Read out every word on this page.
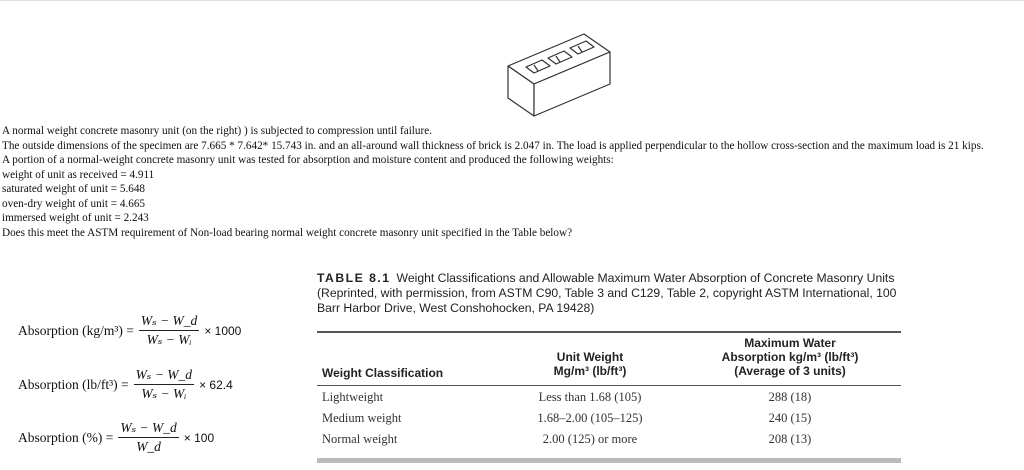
A normal weight concrete masonry unit (on the right) ) is subjected to compression until failure.

The outside dimensions of the specimen are 7.665 * 7.642* 15.743 in. and an all-around wall thickness of brick is 2.047 in. The load is applied perpendicular to the hollow cross-section and the maximum load is 21 kips.

A portion of a normal-weight concrete masonry unit was tested for absorption and moisture content and produced the following weights:

weight of unit as received = 4.911

saturated weight of unit = 5.648

oven-dry weight of unit = 4.665

immersed weight of unit = 2.243

Does this meet the ASTM requirement of Non-load bearing normal weight concrete masonry unit specified in the Table below?

Absorption $(kg/m^3) = \frac{\text{Wₛ − W\_d}}{\text{Wₛ − Wᵢ}} \times 1000$
Absorption $(lb/ft^3) = \frac{\text{Wₛ − W\_d}}{\text{Wₛ − Wᵢ}} \times 62.4$
Absorption (%) = $\frac{\text{Wₛ − W\_d}}{W\_d} \times 100$
TABLE 8.1 Weight Classifications and Allowable Maximum Water Absorption of Concrete Masonry Units (Reprinted, with permission, from ASTM C90, Table 3 and C129, Table 2, copyright ASTM International, 100 Barr Harbor Drive, West Conshohocken, PA 19428)
Weight Classification
Unit Weight
Mg/m³ (lb/ft³)
Maximum Water
Absorption kg/m³ (lb/ft³)
(Average of 3 units)
Lightweight	Less than 1.68 (105)	288 (18)
Medium weight	1.68–2.00 (105–125)	240 (15)
Normal weight	2.00 (125) or more	208 (13)
